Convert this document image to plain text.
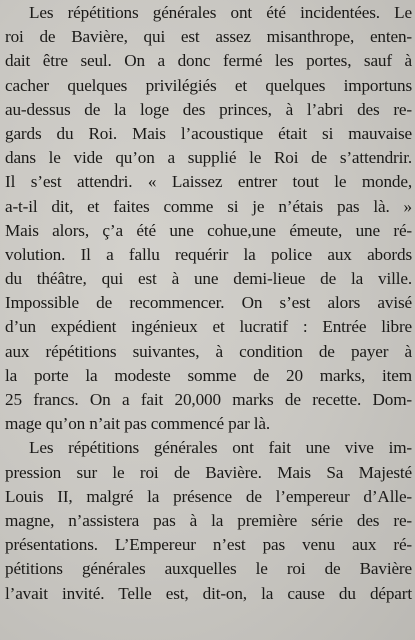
Les répétitions générales ont été incidentées. Le
roi de Bavière, qui est assez misanthrope, enten-
dait être seul. On a donc fermé les portes, sauf à
cacher quelques privilégiés et quelques importuns
au-dessus de la loge des princes, à l’abri des re-
gards du Roi. Mais l’acoustique était si mauvaise
dans le vide qu’on a supplié le Roi de s’attendrir.
Il s’est attendri. « Laissez entrer tout le monde,
a-t-il dit, et faites comme si je n’étais pas là. »
Mais alors, ç’a été une cohue,une émeute, une ré-
volution. Il a fallu requérir la police aux abords
du théâtre, qui est à une demi-lieue de la ville.
Impossible de recommencer. On s’est alors avisé
d’un expédient ingénieux et lucratif : Entrée libre
aux répétitions suivantes, à condition de payer à
la porte la modeste somme de 20 marks, item
25 francs. On a fait 20,000 marks de recette. Dom-
mage qu’on n’ait pas commencé par là.

Les répétitions générales ont fait une vive im-
pression sur le roi de Bavière. Mais Sa Majesté
Louis II, malgré la présence de l’empereur d’Alle-
magne, n’assistera pas à la première série des re-
présentations. L’Empereur n’est pas venu aux ré-
pétitions générales auxquelles le roi de Bavière
l’avait invité. Telle est, dit-on, la cause du départ
